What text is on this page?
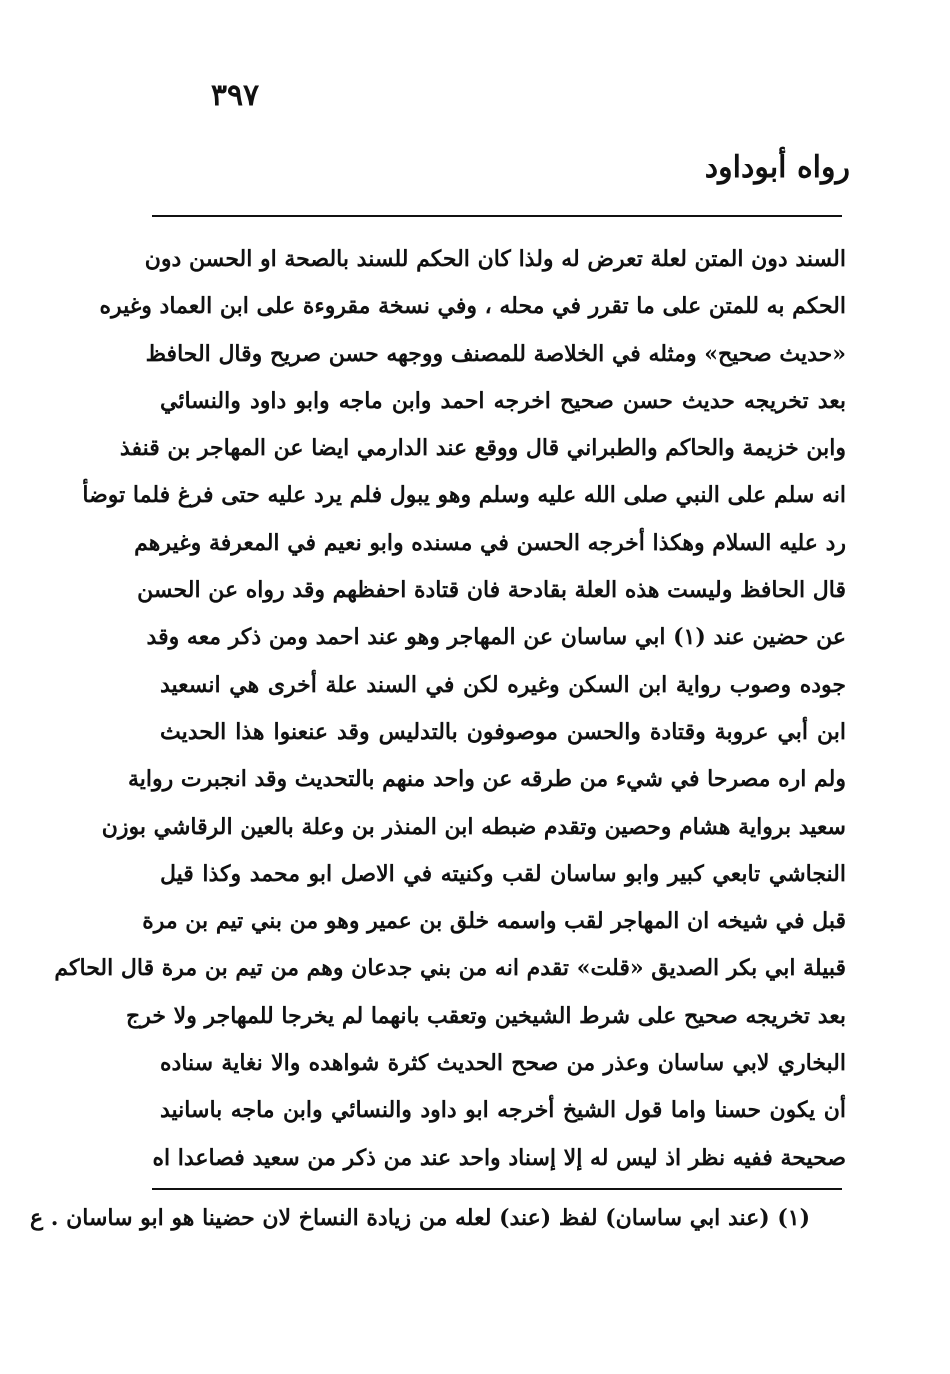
٣٩٧
رواه أبوداود
السند دون المتن لعلة تعرض له ولذا كان الحكم للسند بالصحة او الحسن دون
الحكم به للمتن على ما تقرر في محله ، وفي نسخة مقروءة على ابن العماد وغيره
«حديث صحيح» ومثله في الخلاصة للمصنف ووجهه حسن صريح وقال الحافظ
بعد تخريجه حديث حسن صحيح اخرجه احمد وابن ماجه وابو داود والنسائي
وابن خزيمة والحاكم والطبراني قال ووقع عند الدارمي ايضا عن المهاجر بن قنفذ
انه سلم على النبي صلى الله عليه وسلم وهو يبول فلم يرد عليه حتى فرغ فلما توضأ
رد عليه السلام وهكذا أخرجه الحسن في مسنده وابو نعيم في المعرفة وغيرهم
قال الحافظ وليست هذه العلة بقادحة فان قتادة احفظهم وقد رواه عن الحسن
عن حضين عند (١) ابي ساسان عن المهاجر وهو عند احمد ومن ذكر معه وقد
جوده وصوب رواية ابن السكن وغيره لكن في السند علة أخرى هي انسعيد
ابن أبي عروبة وقتادة والحسن موصوفون بالتدليس وقد عنعنوا هذا الحديث
ولم اره مصرحا في شيء من طرقه عن واحد منهم بالتحديث وقد انجبرت رواية
سعيد برواية هشام وحصين وتقدم ضبطه ابن المنذر بن وعلة بالعين الرقاشي بوزن
النجاشي تابعي كبير وابو ساسان لقب وكنيته في الاصل ابو محمد وكذا قيل
قبل في شيخه ان المهاجر لقب واسمه خلق بن عمير وهو من بني تيم بن مرة
قبيلة ابي بكر الصديق «قلت» تقدم انه من بني جدعان وهم من تيم بن مرة قال الحاكم
بعد تخريجه صحيح على شرط الشيخين وتعقب بانهما لم يخرجا للمهاجر ولا خرج
البخاري لابي ساسان وعذر من صحح الحديث كثرة شواهده والا نغاية سناده
أن يكون حسنا واما قول الشيخ أخرجه ابو داود والنسائي وابن ماجه باسانيد
صحيحة ففيه نظر اذ ليس له إلا إسناد واحد عند من ذكر من سعيد فصاعدا اه
(١) (عند ابي ساسان) لفظ (عند) لعله من زيادة النساخ لان حضينا هو ابو ساسان . ع
